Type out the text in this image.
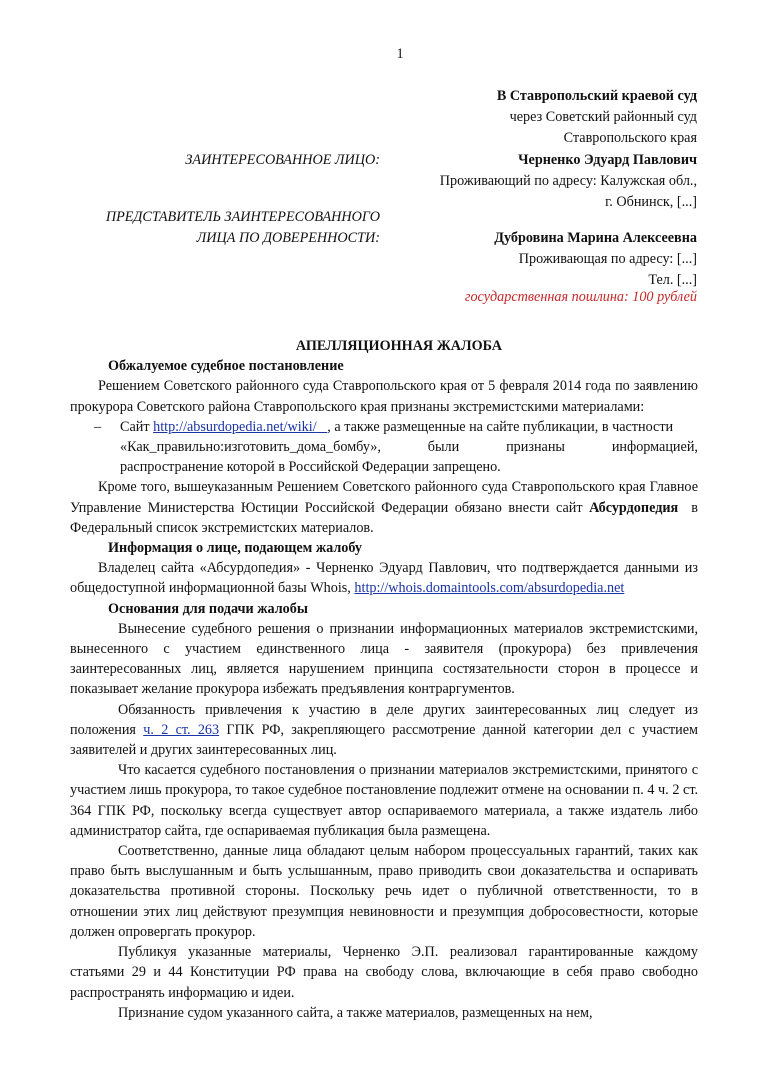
1
В Ставропольский краевой суд
через Советский районный суд
Ставропольского края
ЗАИНТЕРЕСОВАННОЕ ЛИЦО:	Черненко Эдуард Павлович
Проживающий по адресу: Калужская обл.,
г. Обнинск, [...]
ПРЕДСТАВИТЕЛЬ ЗАИНТЕРЕСОВАННОГО
ЛИЦА ПО ДОВЕРЕННОСТИ:	Дубровина Марина Алексеевна
Проживающая по адресу: [...]
Тел. [...]
государственная пошлина: 100 рублей
АПЕЛЛЯЦИОННАЯ ЖАЛОБА
Обжалуемое судебное постановление

Решением Советского районного суда Ставропольского края от 5 февраля 2014 года по заявлению прокурора Советского района Ставропольского края признаны экстремистскими материалами:

–	Сайт http://absurdopedia.net/wiki/ , а также размещенные на сайте публикации, в частности
«Как_правильно:изготовить_дома_бомбу»,	были	признаны	информацией,
распространение которой в Российской Федерации запрещено.

Кроме того, вышеуказанным Решением Советского районного суда Ставропольского края Главное Управление Министерства Юстиции Российской Федерации обязано внести сайт Абсурдопедия  в Федеральный список экстремистских материалов.

Информация о лице, подающем жалобу

Владелец сайта «Абсурдопедия» - Черненко Эдуард Павлович, что подтверждается данными из общедоступной информационной базы Whois, http://whois.domaintools.com/absurdopedia.net

Основания для подачи жалобы

Вынесение судебного решения о признании информационных материалов экстремистскими, вынесенного с участием единственного лица - заявителя (прокурора) без привлечения заинтересованных лиц, является нарушением принципа состязательности сторон в процессе и показывает желание прокурора избежать предъявления контраргументов.

Обязанность привлечения к участию в деле других заинтересованных лиц следует из положения ч. 2 ст. 263 ГПК РФ, закрепляющего рассмотрение данной категории дел с участием заявителей и других заинтересованных лиц.

Что касается судебного постановления о признании материалов экстремистскими, принятого с участием лишь прокурора, то такое судебное постановление подлежит отмене на основании п. 4 ч. 2 ст. 364 ГПК РФ, поскольку всегда существует автор оспариваемого материала, а также издатель либо администратор сайта, где оспариваемая публикация была размещена.

Соответственно, данные лица обладают целым набором процессуальных гарантий, таких как право быть выслушанным и быть услышанным, право приводить свои доказательства и оспаривать доказательства противной стороны. Поскольку речь идет о публичной ответственности, то в отношении этих лиц действуют презумпция невиновности и презумпция добросовестности, которые должен опровергать прокурор.

Публикуя указанные материалы, Черненко Э.П. реализовал гарантированные каждому статьями 29 и 44 Конституции РФ права на свободу слова, включающие в себя право свободно распространять информацию и идеи.

Признание судом указанного сайта, а также материалов, размещенных на нем,
